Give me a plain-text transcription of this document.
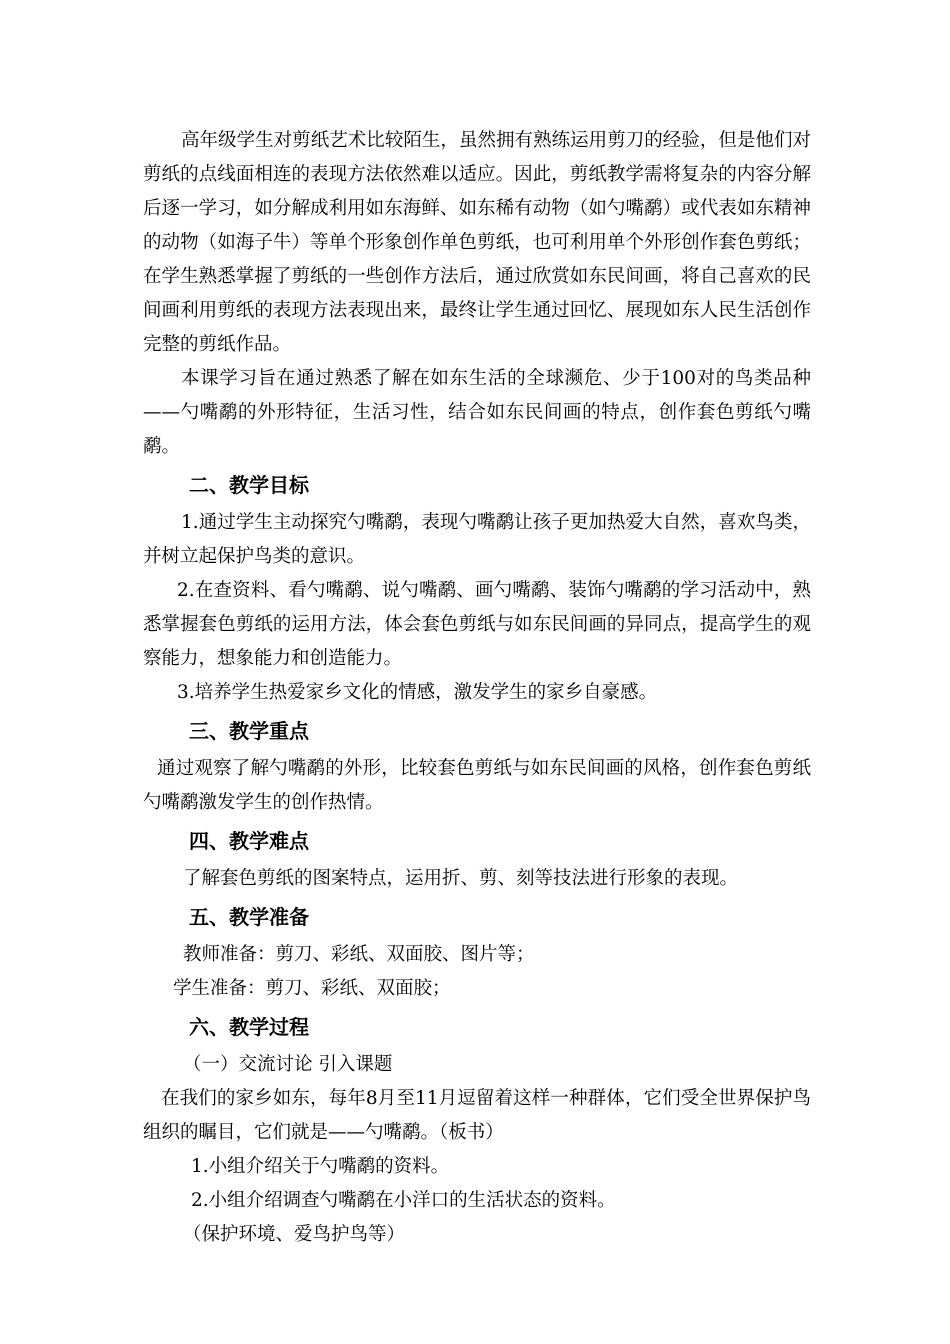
高年级学生对剪纸艺术比较陌生，虽然拥有熟练运用剪刀的经验，但是他们对剪纸的点线面相连的表现方法依然难以适应。因此，剪纸教学需将复杂的内容分解后逐一学习，如分解成利用如东海鲜、如东稀有动物（如勺嘴鹬）或代表如东精神的动物（如海子牛）等单个形象创作单色剪纸，也可利用单个外形创作套色剪纸；在学生熟悉掌握了剪纸的一些创作方法后，通过欣赏如东民间画，将自己喜欢的民间画利用剪纸的表现方法表现出来，最终让学生通过回忆、展现如东人民生活创作完整的剪纸作品。

本课学习旨在通过熟悉了解在如东生活的全球濒危、少于100对的鸟类品种——勺嘴鹬的外形特征，生活习性，结合如东民间画的特点，创作套色剪纸勺嘴鹬。

二、教学目标

1.通过学生主动探究勺嘴鹬，表现勺嘴鹬让孩子更加热爱大自然，喜欢鸟类，并树立起保护鸟类的意识。

2.在查资料、看勺嘴鹬、说勺嘴鹬、画勺嘴鹬、装饰勺嘴鹬的学习活动中，熟悉掌握套色剪纸的运用方法，体会套色剪纸与如东民间画的异同点，提高学生的观察能力，想象能力和创造能力。

3.培养学生热爱家乡文化的情感，激发学生的家乡自豪感。

三、教学重点

通过观察了解勺嘴鹬的外形，比较套色剪纸与如东民间画的风格，创作套色剪纸勺嘴鹬激发学生的创作热情。

四、教学难点

了解套色剪纸的图案特点，运用折、剪、刻等技法进行形象的表现。

五、教学准备

教师准备：剪刀、彩纸、双面胶、图片等；

学生准备：剪刀、彩纸、双面胶；

六、教学过程

（一）交流讨论 引入课题

在我们的家乡如东，每年8月至11月逗留着这样一种群体，它们受全世界保护鸟组织的瞩目，它们就是——勺嘴鹬。（板书）

1.小组介绍关于勺嘴鹬的资料。

2.小组介绍调查勺嘴鹬在小洋口的生活状态的资料。

（保护环境、爱鸟护鸟等）
